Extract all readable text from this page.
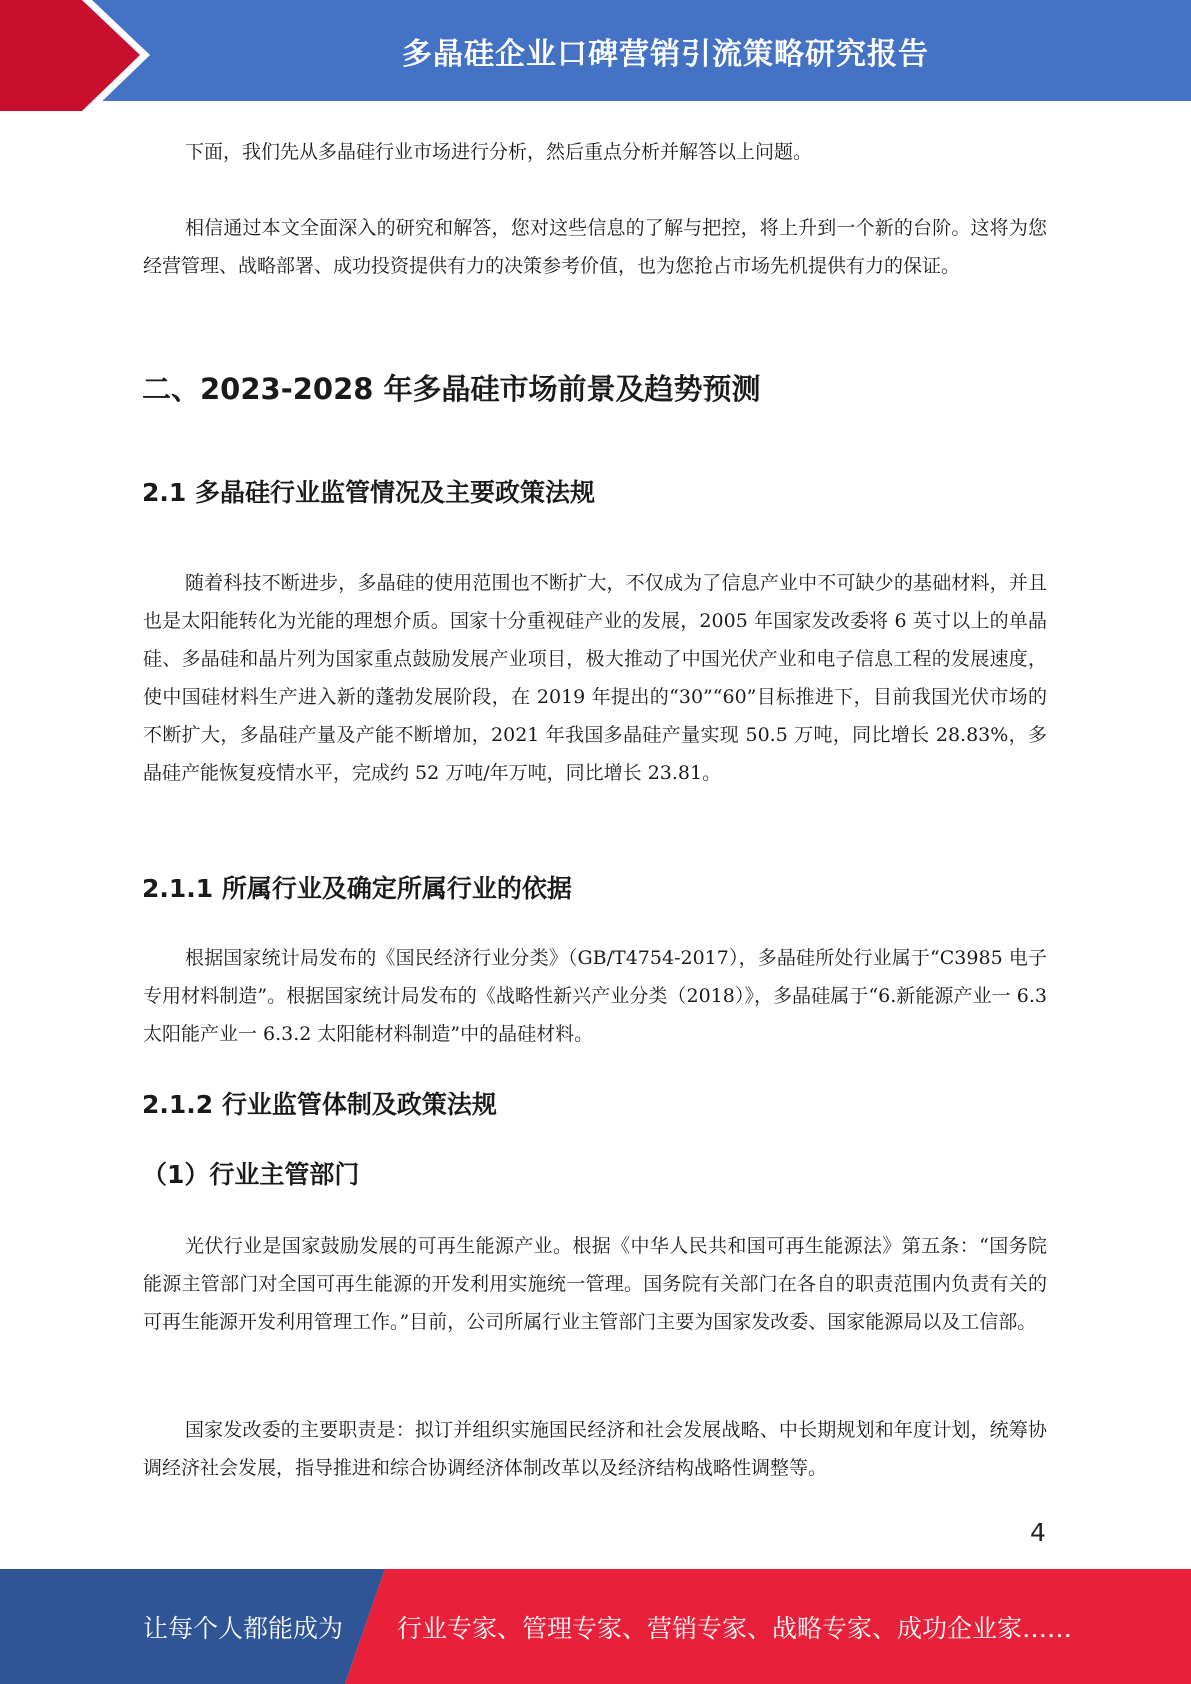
多晶硅企业口碑营销引流策略研究报告

下面，我们先从多晶硅行业市场进行分析，然后重点分析并解答以上问题。

相信通过本文全面深入的研究和解答，您对这些信息的了解与把控，将上升到一个新的台阶。这将为您经营管理、战略部署、成功投资提供有力的决策参考价值，也为您抢占市场先机提供有力的保证。

二、2023-2028 年多晶硅市场前景及趋势预测
2.1 多晶硅行业监管情况及主要政策法规

随着科技不断进步，多晶硅的使用范围也不断扩大，不仅成为了信息产业中不可缺少的基础材料，并且也是太阳能转化为光能的理想介质。国家十分重视硅产业的发展，2005 年国家发改委将 6 英寸以上的单晶硅、多晶硅和晶片列为国家重点鼓励发展产业项目，极大推动了中国光伏产业和电子信息工程的发展速度，使中国硅材料生产进入新的蓬勃发展阶段，在 2019 年提出的“30”“60”目标推进下，目前我国光伏市场的不断扩大，多晶硅产量及产能不断增加，2021 年我国多晶硅产量实现 50.5 万吨，同比增长 28.83%，多晶硅产能恢复疫情水平，完成约 52 万吨/年万吨，同比增长 23.81。

2.1.1 所属行业及确定所属行业的依据

根据国家统计局发布的《国民经济行业分类》（GB/T4754-2017），多晶硅所处行业属于“C3985 电子专用材料制造”。根据国家统计局发布的《战略性新兴产业分类（2018）》，多晶硅属于“6.新能源产业一 6.3 太阳能产业一 6.3.2 太阳能材料制造”中的晶硅材料。

2.1.2 行业监管体制及政策法规
（1）行业主管部门

光伏行业是国家鼓励发展的可再生能源产业。根据《中华人民共和国可再生能源法》第五条：“国务院能源主管部门对全国可再生能源的开发利用实施统一管理。国务院有关部门在各自的职责范围内负责有关的可再生能源开发利用管理工作。”目前，公司所属行业主管部门主要为国家发改委、国家能源局以及工信部。

国家发改委的主要职责是：拟订并组织实施国民经济和社会发展战略、中长期规划和年度计划，统筹协调经济社会发展，指导推进和综合协调经济体制改革以及经济结构战略性调整等。

4
让每个人都能成为 行业专家、管理专家、营销专家、战略专家、成功企业家……
